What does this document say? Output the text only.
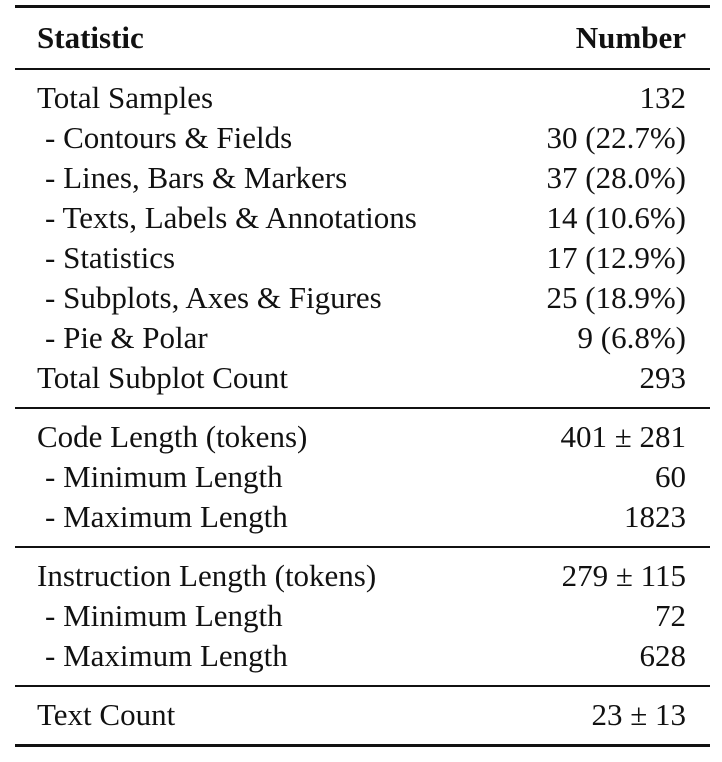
Statistic	Number
Total Samples	132
- Contours & Fields	30 (22.7%)
- Lines, Bars & Markers	37 (28.0%)
- Texts, Labels & Annotations	14 (10.6%)
- Statistics	17 (12.9%)
- Subplots, Axes & Figures	25 (18.9%)
- Pie & Polar	9 (6.8%)
Total Subplot Count	293
Code Length (tokens)	401 ± 281
- Minimum Length	60
- Maximum Length	1823
Instruction Length (tokens)	279 ± 115
- Minimum Length	72
- Maximum Length	628
Text Count	23 ± 13
